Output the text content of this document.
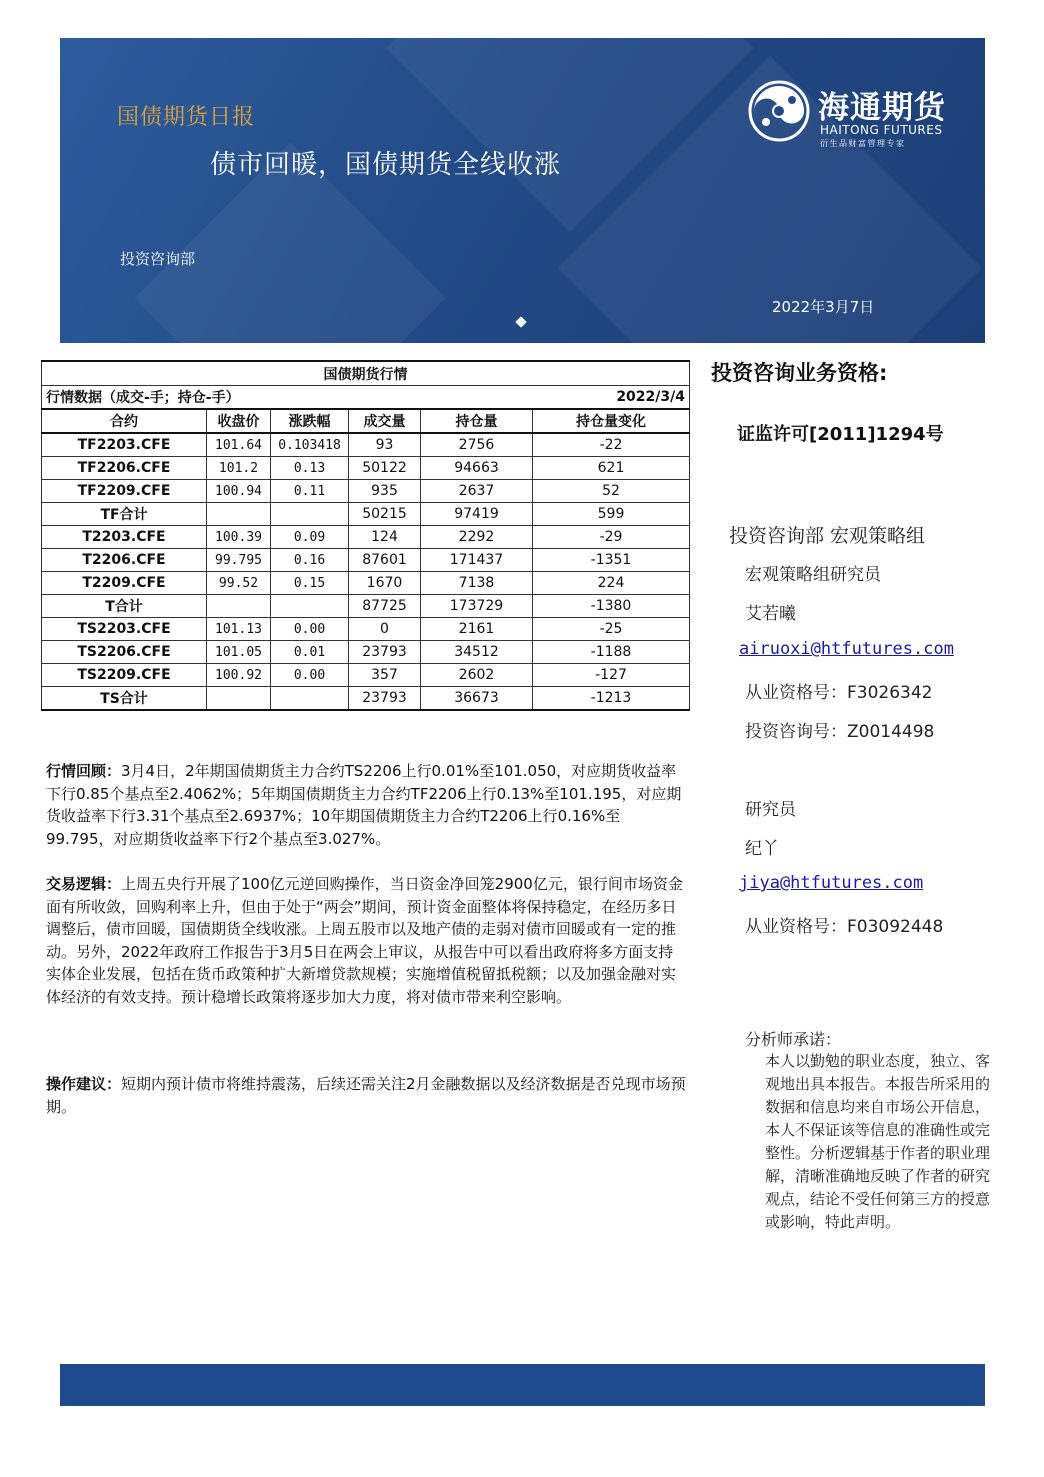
国债期货日报
债市回暖，国债期货全线收涨
投资咨询部
2022年3月7日
海通期货
HAITONG FUTURES
衍生品财富管理专家
国债期货行情					
行情数据（成交-手；持仓-手）				2022/3/4	
合约	收盘价	涨跌幅	成交量	持仓量	持仓量变化
TF2203.CFE	101.64	0.103418	93	2756	-22
TF2206.CFE	101.2	0.13	50122	94663	621
TF2209.CFE	100.94	0.11	935	2637	52
TF合计			50215	97419	599
T2203.CFE	100.39	0.09	124	2292	-29
T2206.CFE	99.795	0.16	87601	171437	-1351
T2209.CFE	99.52	0.15	1670	7138	224
T合计			87725	173729	-1380
TS2203.CFE	101.13	0.00	0	2161	-25
TS2206.CFE	101.05	0.01	23793	34512	-1188
TS2209.CFE	100.92	0.00	357	2602	-127
TS合计			23793	36673	-1213
行情回顾：3月4日，2年期国债期货主力合约TS2206上行0.01%至101.050，对应期货收益率下行0.85个基点至2.4062%；5年期国债期货主力合约TF2206上行0.13%至101.195，对应期货收益率下行3.31个基点至2.6937%；10年期国债期货主力合约T2206上行0.16%至99.795，对应期货收益率下行2个基点至3.027%。
交易逻辑：上周五央行开展了100亿元逆回购操作，当日资金净回笼2900亿元，银行间市场资金面有所收敛，回购利率上升，但由于处于“两会”期间，预计资金面整体将保持稳定，在经历多日调整后，债市回暖，国债期货全线收涨。上周五股市以及地产债的走弱对债市回暖或有一定的推动。另外，2022年政府工作报告于3月5日在两会上审议，从报告中可以看出政府将多方面支持实体企业发展，包括在货币政策种扩大新增贷款规模；实施增值税留抵税额；以及加强金融对实体经济的有效支持。预计稳增长政策将逐步加大力度，将对债市带来利空影响。
操作建议：短期内预计债市将维持震荡，后续还需关注2月金融数据以及经济数据是否兑现市场预期。
投资咨询业务资格:
证监许可[2011]1294号
投资咨询部 宏观策略组
宏观策略组研究员
艾若曦
airuoxi@htfutures.com
从业资格号：F3026342
投资咨询号：Z0014498
研究员
纪丫
jiya@htfutures.com
从业资格号：F03092448
分析师承诺：
本人以勤勉的职业态度，独立、客观地出具本报告。本报告所采用的数据和信息均来自市场公开信息，本人不保证该等信息的准确性或完整性。分析逻辑基于作者的职业理解，清晰准确地反映了作者的研究观点，结论不受任何第三方的授意或影响，特此声明。
